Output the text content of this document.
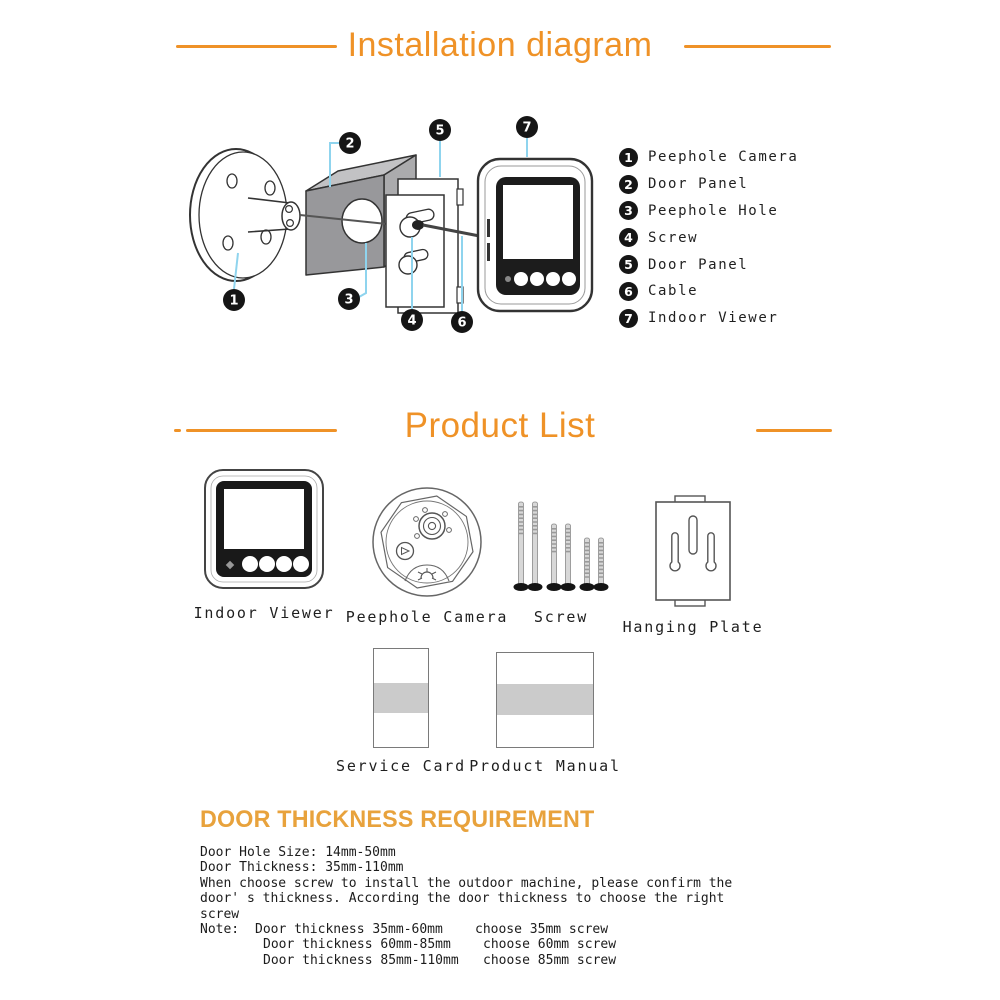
Installation diagram
1
2
3
4
5
6
7
1	Peephole Camera
2	Door Panel
3	Peephole Hole
4	Screw
5	Door Panel
6	Cable
7	Indoor Viewer
Product List
Indoor Viewer Peephole Camera Screw
Hanging Plate
Service Card Product Manual
DOOR THICKNESS REQUIREMENT
Door Hole Size: 14mm-50mm
Door Thickness: 35mm-110mm
When choose screw to install the outdoor machine, please confirm the
door' s thickness. According the door thickness to choose the right
screw
Note:	Door thickness 35mm-60mm	choose 35mm screw
Door thickness 60mm-85mm	choose 60mm screw
Door thickness 85mm-110mm	choose 85mm screw
